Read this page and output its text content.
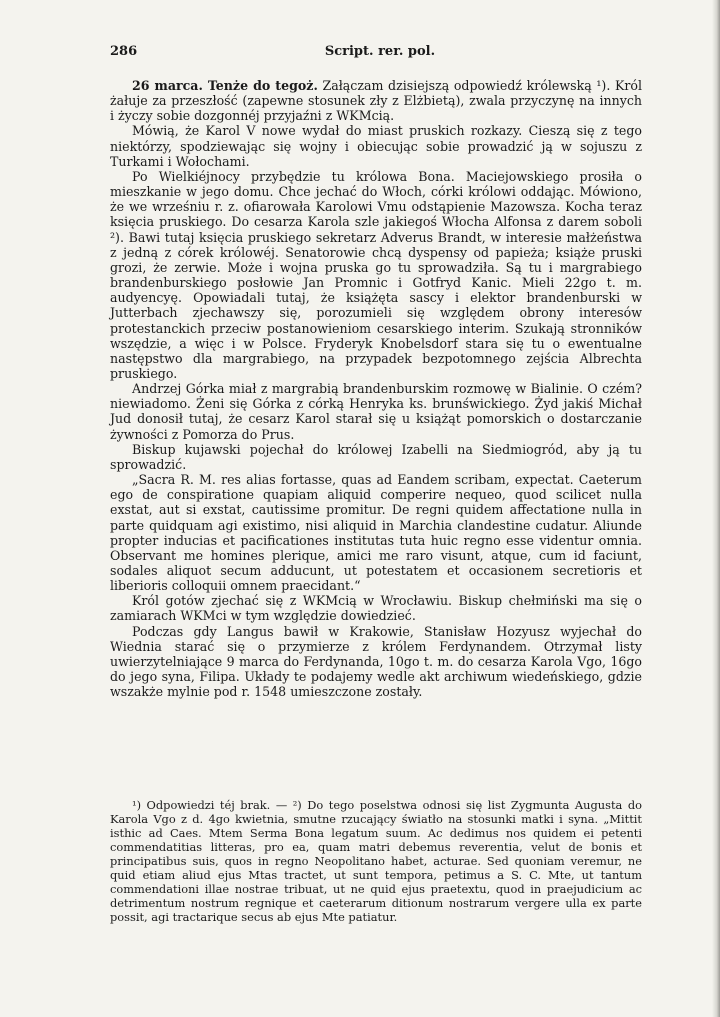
286	Script. rer. pol.
26 marca. Tenże do tegoż. Załączam dzisiejszą odpowiedź królewską ¹). Król żałuje za przeszłość (zapewne stosunek zły z Elżbietą), zwala przyczynę na innych i życzy sobie dozgonnéj przyjaźni z WKMcią.
Mówią, że Karol V nowe wydał do miast pruskich rozkazy. Cieszą się z tego niektórzy, spodziewając się wojny i obiecując sobie prowadzić ją w sojuszu z Turkami i Wołochami.
Po Wielkiéjnocy przybędzie tu królowa Bona. Maciejowskiego prosiła o mieszkanie w jego domu. Chce jechać do Włoch, córki królowi oddając. Mówiono, że we wrześniu r. z. ofiarowała Karolowi Vmu odstąpienie Mazowsza. Kocha teraz księcia pruskiego. Do cesarza Karola szle jakiegoś Włocha Alfonsa z darem soboli ²). Bawi tutaj księcia pruskiego sekretarz Adverus Brandt, w interesie małżeństwa z jedną z córek królowéj. Senatorowie chcą dyspensy od papieża; książe pruski grozi, że zerwie. Może i wojna pruska go tu sprowadziła. Są tu i margrabiego brandenburskiego posłowie Jan Promnic i Gotfryd Kanic. Mieli 22go t. m. audyencyę. Opowiadali tutaj, że książęta sascy i elektor brandenburski w Jutterbach zjechawszy się, porozumieli się względem obrony interesów protestanckich przeciw postanowieniom cesarskiego interim. Szukają stronników wszędzie, a więc i w Polsce. Fryderyk Knobelsdorf stara się tu o ewentualne następstwo dla margrabiego, na przypadek bezpotomnego zejścia Albrechta pruskiego.
Andrzej Górka miał z margrabią brandenburskim rozmowę w Bialinie. O czém? niewiadomo. Żeni się Górka z córką Henryka ks. brunświckiego. Żyd jakiś Michał Jud donosił tutaj, że cesarz Karol starał się u książąt pomorskich o dostarczanie żywności z Pomorza do Prus.
Biskup kujawski pojechał do królowej Izabelli na Siedmiogród, aby ją tu sprowadzić.
„Sacra R. M. res alias fortasse, quas ad Eandem scribam, expectat. Caeterum ego de conspiratione quapiam aliquid comperire nequeo, quod scilicet nulla exstat, aut si exstat, cautissime promitur. De regni quidem affectatione nulla in parte quidquam agi existimo, nisi aliquid in Marchia clandestine cudatur. Aliunde propter inducias et pacificationes institutas tuta huic regno esse videntur omnia. Observant me homines plerique, amici me raro visunt, atque, cum id faciunt, sodales aliquot secum adducunt, ut potestatem et occasionem secretioris et liberioris colloquii omnem praecidant.“
Król gotów zjechać się z WKMcią w Wrocławiu. Biskup chełmiński ma się o zamiarach WKMci w tym względzie dowiedzieć.
Podczas gdy Langus bawił w Krakowie, Stanisław Hozyusz wyjechał do Wiednia starać się o przymierze z królem Ferdynandem. Otrzymał listy uwierzytelniające 9 marca do Ferdynanda, 10go t. m. do cesarza Karola Vgo, 16go do jego syna, Filipa. Układy te podajemy wedle akt archiwum wiedeńskiego, gdzie wszakże mylnie pod r. 1548 umieszczone zostały.
¹) Odpowiedzi téj brak. — ²) Do tego poselstwa odnosi się list Zygmunta Augusta do Karola Vgo z d. 4go kwietnia, smutne rzucający światło na stosunki matki i syna. „Mittit isthic ad Caes. Mtem Serma Bona legatum suum. Ac dedimus nos quidem ei petenti commendatitias litteras, pro ea, quam matri debemus reverentia, velut de bonis et principatibus suis, quos in regno Neopolitano habet, acturae. Sed quoniam veremur, ne quid etiam aliud ejus Mtas tractet, ut sunt tempora, petimus a S. C. Mte, ut tantum commendationi illae nostrae tribuat, ut ne quid ejus praetextu, quod in praejudicium ac detrimentum nostrum regnique et caeterarum ditionum nostrarum vergere ulla ex parte possit, agi tractarique secus ab ejus Mte patiatur.
